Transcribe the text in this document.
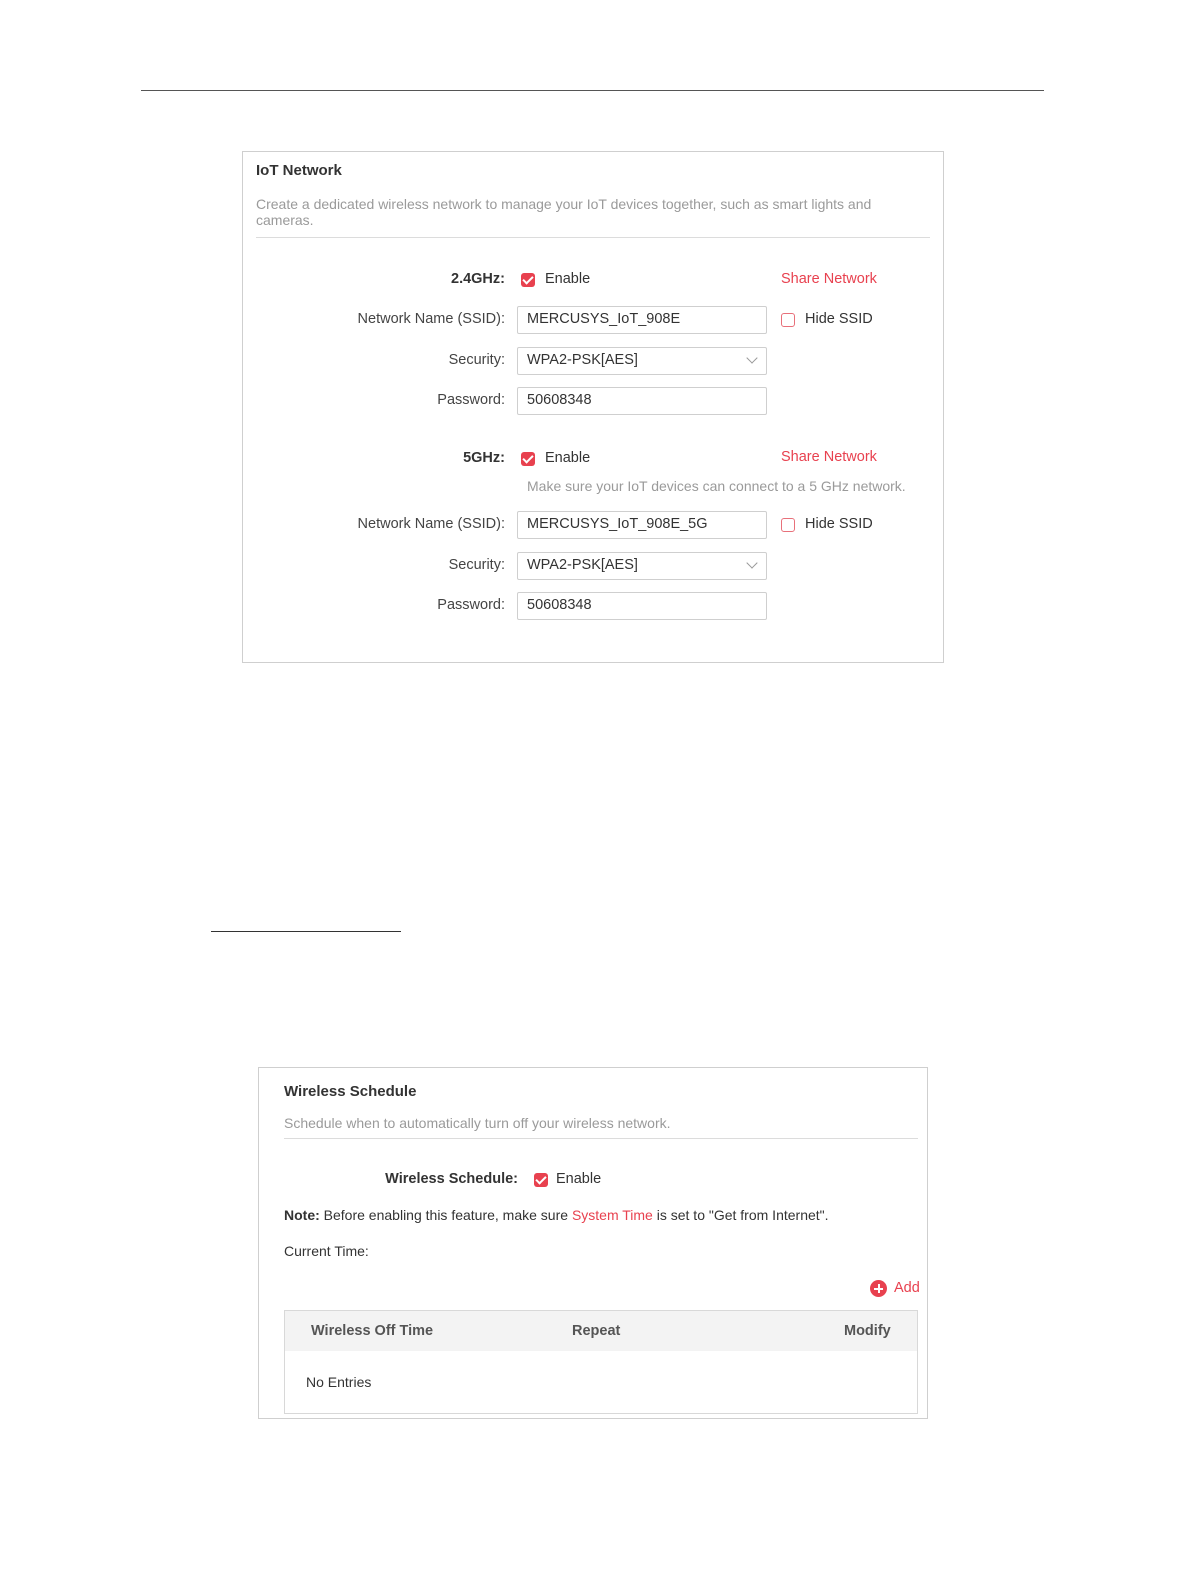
IoT Network
Create a dedicated wireless network to manage your IoT devices together, such as smart lights and cameras.
2.4GHz:	Enable	Share Network
Network Name (SSID):	MERCUSYS_IoT_908E	Hide SSID
Security:	WPA2-PSK[AES]
Password:	50608348
5GHz:	Enable	Share Network
Make sure your IoT devices can connect to a 5 GHz network.
Network Name (SSID):	MERCUSYS_IoT_908E_5G	Hide SSID
Security:	WPA2-PSK[AES]
Password:	50608348
Wireless Schedule
Schedule when to automatically turn off your wireless network.
Wireless Schedule:	Enable
Note: Before enabling this feature, make sure System Time is set to "Get from Internet".
Current Time:
Add
Wireless Off Time	Repeat	Modify
No Entries
